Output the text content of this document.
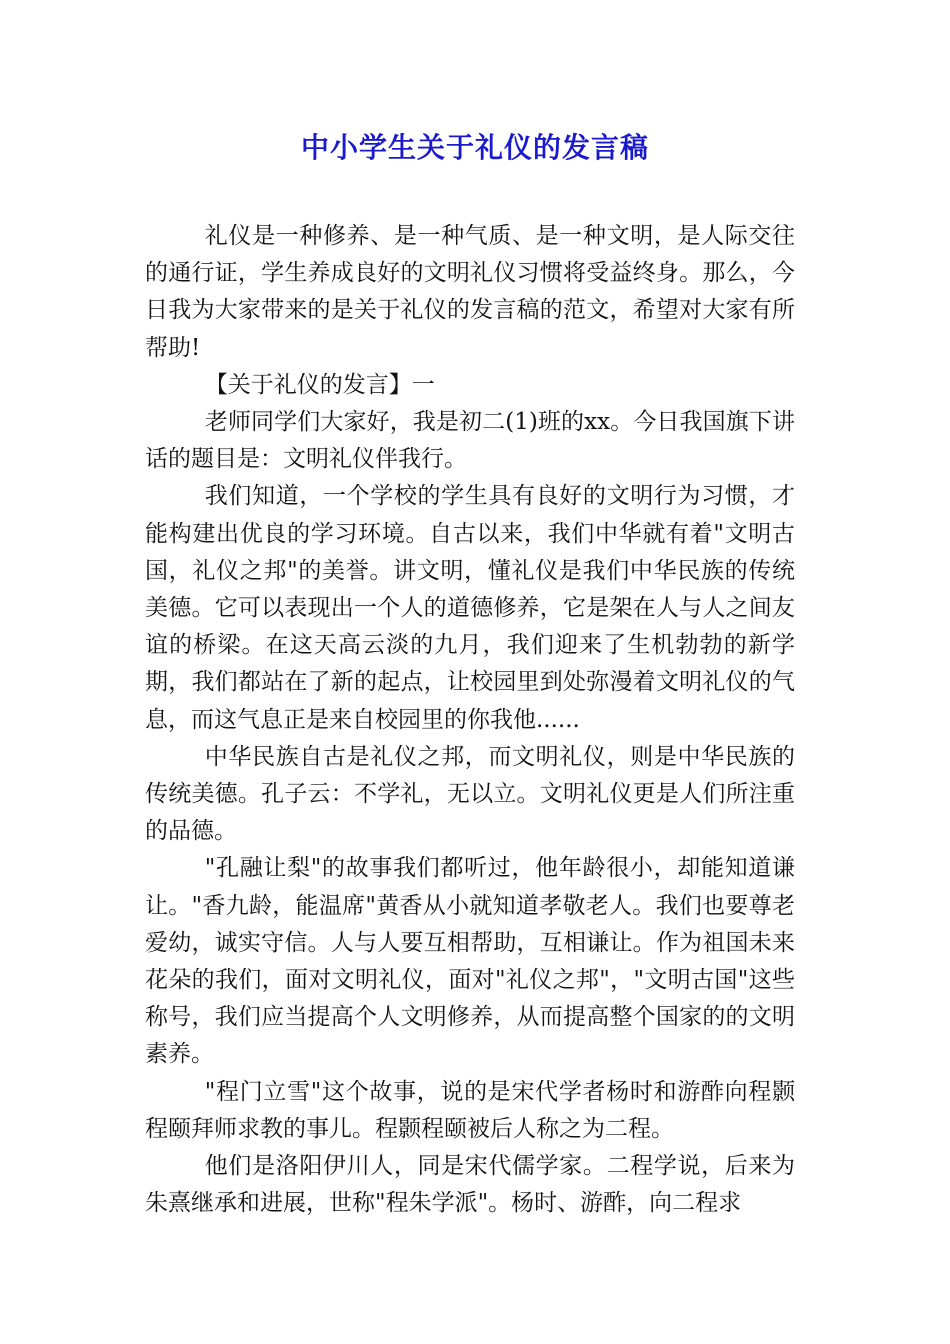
中小学生关于礼仪的发言稿

礼仪是一种修养、是一种气质、是一种文明，是人际交往的通行证，学生养成良好的文明礼仪习惯将受益终身。那么，今日我为大家带来的是关于礼仪的发言稿的范文，希望对大家有所帮助!

【关于礼仪的发言】一

老师同学们大家好，我是初二(1)班的xx。今日我国旗下讲话的题目是：文明礼仪伴我行。

我们知道，一个学校的学生具有良好的文明行为习惯，才能构建出优良的学习环境。自古以来，我们中华就有着"文明古国，礼仪之邦"的美誉。讲文明，懂礼仪是我们中华民族的传统美德。它可以表现出一个人的道德修养，它是架在人与人之间友谊的桥梁。在这天高云淡的九月，我们迎来了生机勃勃的新学期，我们都站在了新的起点，让校园里到处弥漫着文明礼仪的气息，而这气息正是来自校园里的你我他......

中华民族自古是礼仪之邦，而文明礼仪，则是中华民族的传统美德。孔子云：不学礼，无以立。文明礼仪更是人们所注重的品德。

"孔融让梨"的故事我们都听过，他年龄很小，却能知道谦让。"香九龄，能温席"黄香从小就知道孝敬老人。我们也要尊老爱幼，诚实守信。人与人要互相帮助，互相谦让。作为祖国未来花朵的我们，面对文明礼仪，面对"礼仪之邦"，"文明古国"这些称号，我们应当提高个人文明修养，从而提高整个国家的的文明素养。

"程门立雪"这个故事，说的是宋代学者杨时和游酢向程颢程颐拜师求教的事儿。程颢程颐被后人称之为二程。

他们是洛阳伊川人，同是宋代儒学家。二程学说，后来为朱熹继承和进展，世称"程朱学派"。杨时、游酢，向二程求
